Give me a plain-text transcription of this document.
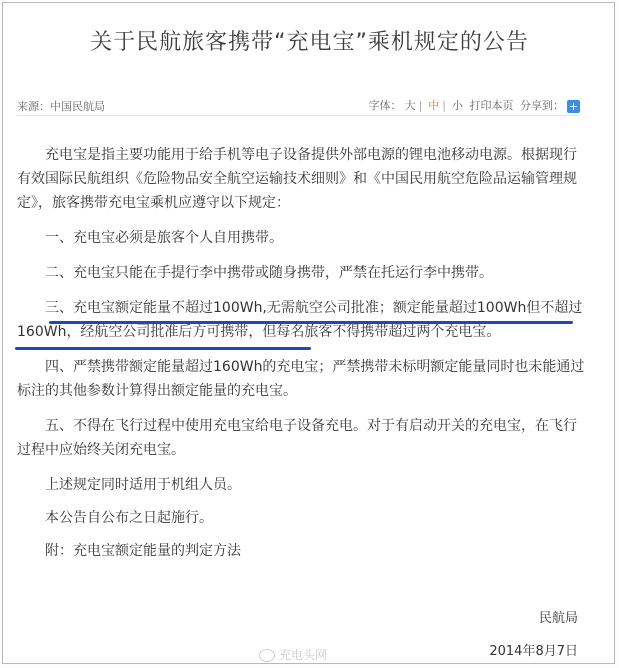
关于民航旅客携带“充电宝”乘机规定的公告
来源：中国民航局	字体： 大 | 中 | 小 打印本页 分享到： +

充电宝是指主要功能用于给手机等电子设备提供外部电源的锂电池移动电源。根据现行有效国际民航组织《危险物品安全航空运输技术细则》和《中国民用航空危险品运输管理规定》，旅客携带充电宝乘机应遵守以下规定：

一、充电宝必须是旅客个人自用携带。

二、充电宝只能在手提行李中携带或随身携带，严禁在托运行李中携带。

三、充电宝额定能量不超过100Wh,无需航空公司批准；额定能量超过100Wh但不超过160Wh，经航空公司批准后方可携带，但每名旅客不得携带超过两个充电宝。

四、严禁携带额定能量超过160Wh的充电宝；严禁携带未标明额定能量同时也未能通过标注的其他参数计算得出额定能量的充电宝。

五、不得在飞行过程中使用充电宝给电子设备充电。对于有启动开关的充电宝，在飞行过程中应始终关闭充电宝。

上述规定同时适用于机组人员。

本公告自公布之日起施行。

附：充电宝额定能量的判定方法

民航局
2014年8月7日
充电头网
